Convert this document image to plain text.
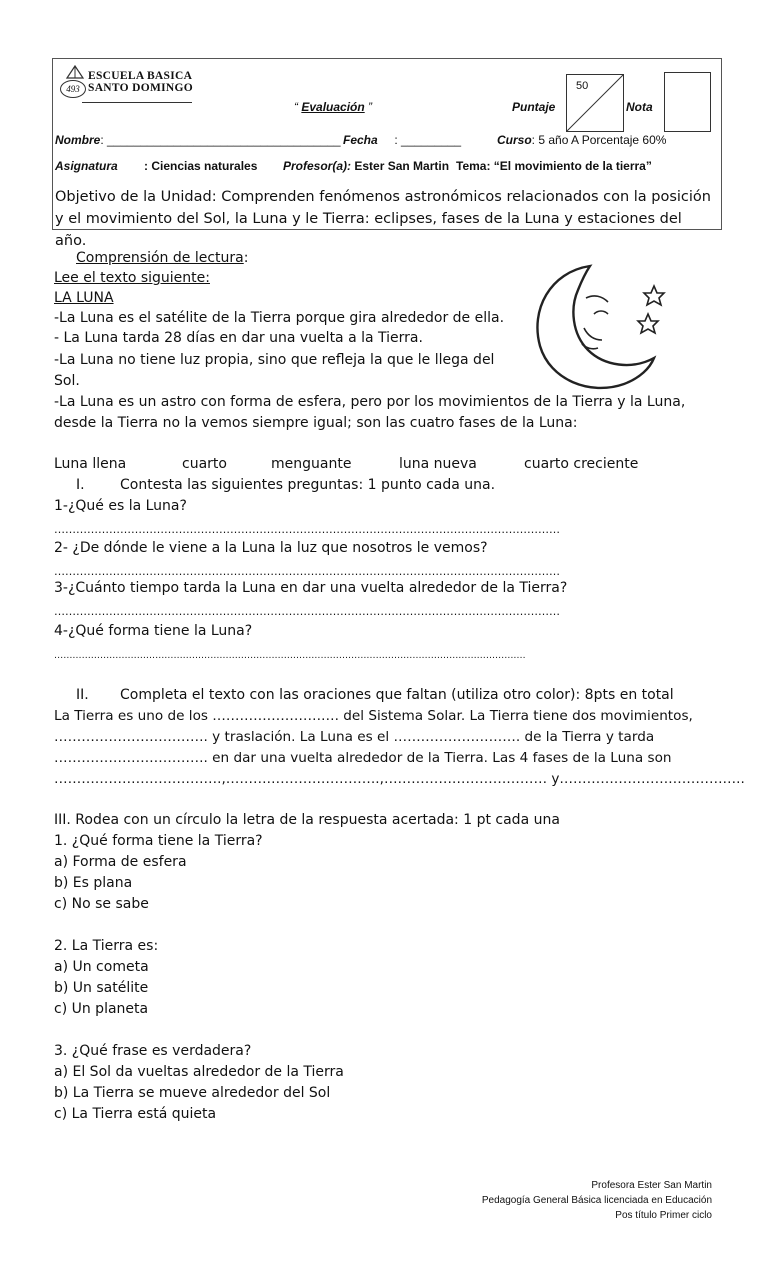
493
ESCUELA BASICA
SANTO DOMINGO
“ Evaluación ”	Puntaje
50
Nota
Nombre: ___________________________________ Fecha : _________	Curso: 5 año A Porcentaje 60%
Asignatura : Ciencias naturales Profesor(a): Ester San Martin Tema: “El movimiento de la tierra”
Objetivo de la Unidad: Comprenden fenómenos astronómicos relacionados con la posición y el movimiento del Sol, la Luna y le Tierra: eclipses, fases de la Luna y estaciones del año.
Comprensión de lectura:
Lee el texto siguiente:
LA LUNA
-La Luna es el satélite de la Tierra porque gira alrededor de ella.
- La Luna tarda 28 días en dar una vuelta a la Tierra.
-La Luna no tiene luz propia, sino que refleja la que le llega del
Sol.
-La Luna es un astro con forma de esfera, pero por los movimientos de la Tierra y la Luna,
desde la Tierra no la vemos siempre igual; son las cuatro fases de la Luna:
Luna llena	cuarto	menguante	luna nueva	cuarto creciente
I.	Contesta las siguientes preguntas: 1 punto cada una.
1-¿Qué es la Luna?
…………………………………………………………………………………………………………………………
2- ¿De dónde le viene a la Luna la luz que nosotros le vemos?
…………………………………………………………………………………………………………………………
3-¿Cuánto tiempo tarda la Luna en dar una vuelta alrededor de la Tierra?
…………………………………………………………………………………………………………………………
4-¿Qué forma tiene la Luna?
……………………………………………………………………………………………………………………………………….
II. Completa el texto con las oraciones que faltan (utiliza otro color): 8pts en total
La Tierra es uno de los ………………………. del Sistema Solar. La Tierra tiene dos movimientos,
……………………………. y traslación. La Luna es el ………………………. de la Tierra y tarda
……………………………. en dar una vuelta alrededor de la Tierra. Las 4 fases de la Luna son
……………………………….,…………………………….,……………………………… y…………………………………..
III. Rodea con un círculo la letra de la respuesta acertada: 1 pt cada una
1. ¿Qué forma tiene la Tierra?
a) Forma de esfera
b) Es plana
c) No se sabe
2. La Tierra es:
a) Un cometa
b) Un satélite
c) Un planeta
3. ¿Qué frase es verdadera?
a) El Sol da vueltas alrededor de la Tierra
b) La Tierra se mueve alrededor del Sol
c) La Tierra está quieta
Profesora Ester San Martin
Pedagogía General Básica licenciada en Educación
Pos título Primer ciclo
